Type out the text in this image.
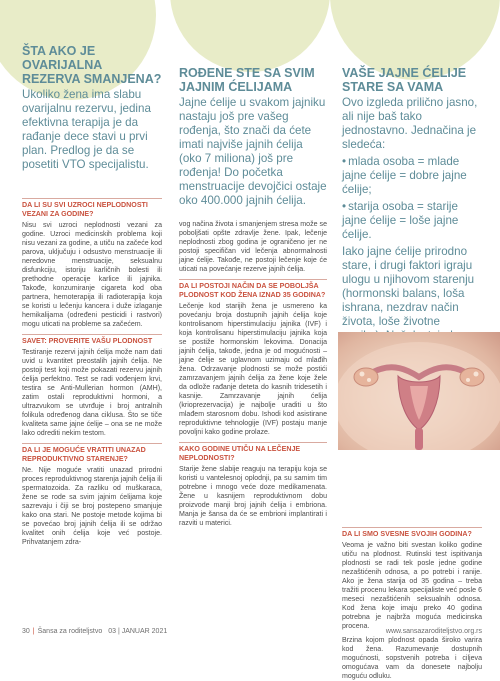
ŠTA AKO JE OVARIJALNA REZERVA SMANJENA?

Ukoliko žena ima slabu ovarijalnu rezervu, jedina efektivna terapija je da rađanje dece stavi u prvi plan. Predlog je da se posetiti VTO specijalistu.

DA LI SU SVI UZROCI NEPLODNOSTI VEZANI ZA GODINE?

Nisu svi uzroci neplodnosti vezani za godine. Uzroci medicinskih problema koji nisu vezani za godine, a utiču na začeće kod parova, uključuju i odsustvo menstruacije ili neredovne menstruacije, seksualnu disfunkciju, istoriju karličnih bolesti ili prethodne operacije karlice ili jajnika. Takođe, konzumiranje cigareta kod oba partnera, hemoterapija ili radioterapija koja se koristi u lečenju kancera i duže izlaganje hemikalijama (određeni pesticidi i rastvori) mogu uticati na probleme sa začećem.

SAVET: PROVERITE VAŠU PLODNOST

Testiranje rezervi jajnih ćelija može nam dati uvid u kvantitet preostalih jajnih ćelija. Ne postoji test koji može pokazati rezervu jajnih ćelija perfektno. Test se radi vođenjem krvi, testira se Anti-Mullerian hormon (AMH), zatim ostali reproduktivni hormoni, a ultrazvukom se utvrđuje i broj antralnih folikula određenog dana ciklusa. Što se tiče kvaliteta same jajne ćelije – ona se ne može lako odrediti nekim testom.

DA LI JE MOGUĆE VRATITI UNAZAD REPRODUKTIVNO STARENJE?

Ne. Nije moguće vratiti unazad prirodni proces reproduktivnog starenja jajnih ćelija ili spermatozoida. Za razliku od muškaraca, žene se rode sa svim jajnim ćelijama koje sazrevaju i čiji se broj postepeno smanjuje kako ona stari. Ne postoje metode kojima bi se povećao broj jajnih ćelija ili se održao kvalitet onih ćelija koje već postoje. Prihvatanjem zdra-

ROĐENE STE SA SVIM JAJNIM ĆELIJAMA

Jajne ćelije u svakom jajniku nastaju još pre vašeg rođenja, što znači da ćete imati najviše jajnih ćelija (oko 7 miliona) još pre rođenja! Do početka menstruacije devojčici ostaje oko 400.000 jajnih ćelija.

vog načina života i smanjenjem stresa može se poboljšati opšte zdravlje žene. Ipak, lečenje neplodnosti zbog godina je ograničeno jer ne postoji specifičan vid lečenja abnormalnosti jajne ćelije. Takođe, ne postoji lečenje koje će uticati na povećanje rezerve jajnih ćelija.

DA LI POSTOJI NAČIN DA SE POBOLJŠA PLODNOST KOD ŽENA IZNAD 35 GODINA?

Lečenje kod starijih žena je usmereno ka povećanju broja dostupnih jajnih ćelija koje kontrolisanom hiperstimulaciju jajnika (IVF) i koja kontrolisanu hiperstimulaciju jajnika koja se postiže hormonskim lekovima. Donacija jajnih ćelija, takođe, jedna je od mogućnosti – jajne ćelije se uglavnom uzimaju od mlađih žena. Odrzavanje plodnosti se može postići zamrzavanjem jajnih ćelija za žene koje žele da odlože rađanje deteta do kasnih tridesetih i kasnije. Zamrzavanje jajnih ćelija (krioprezervacija) je najbolje uraditi u što mlađem starosnom dobu. Ishodi kod asistirane reproduktivne tehnologije (IVF) postaju manje povoljni kako godine prolaze.

KAKO GODINE UTIČU NA LEČENJE NEPLODNOSTI?

Starije žene slabije reaguju na terapiju koja se koristi u vantelesnoj oplodnji, pa su samim tim potrebne i mnogo veće doze medikamenata. Žene u kasnijem reproduktivnom dobu proizvode manji broj jajnih ćelija i embriona. Manja je šansa da će se embrioni implantirati i razviti u materici.

VAŠE JAJNE ĆELIJE STARE SA VAMA

Ovo izgleda prilično jasno, ali nije baš tako jednostavno. Jednačina je sledeća:

• mlada osoba = mlade jajne ćelije = dobre jajne ćelije;

• starija osoba = starije jajne ćelije = loše jajne ćelije.

Iako jajne ćelije prirodno stare, i drugi faktori igraju ulogu u njihovom starenju (hormonski balans, loša ishrana, nezdrav način života, loše životne

DA LI SMO SVESNE SVOJIH GODINA?

Veoma je važno biti svestan koliko godine utiču na plodnost. Rutinski test ispitivanja plodnosti se radi tek posle jedne godine nezaštićenih odnosa, a po potrebi i ranije. Ako je žena starija od 35 godina – treba tražiti procenu lekara specijaliste već posle 6 meseci nezaštićenih seksualnih odnosa. Kod žena koje imaju preko 40 godina potrebna je najbrža moguća medicinska procena.

Brzina kojom plodnost opada široko varira kod žena. Razumevanje dostupnih mogućnosti, sopstvenih potreba i ciljeva omogućava vam da donesete najbolju moguću odluku.

30 | Šansa za roditeljstvo 03 | JANUAR 2021	www.sansazaroditeljstvo.org.rs
